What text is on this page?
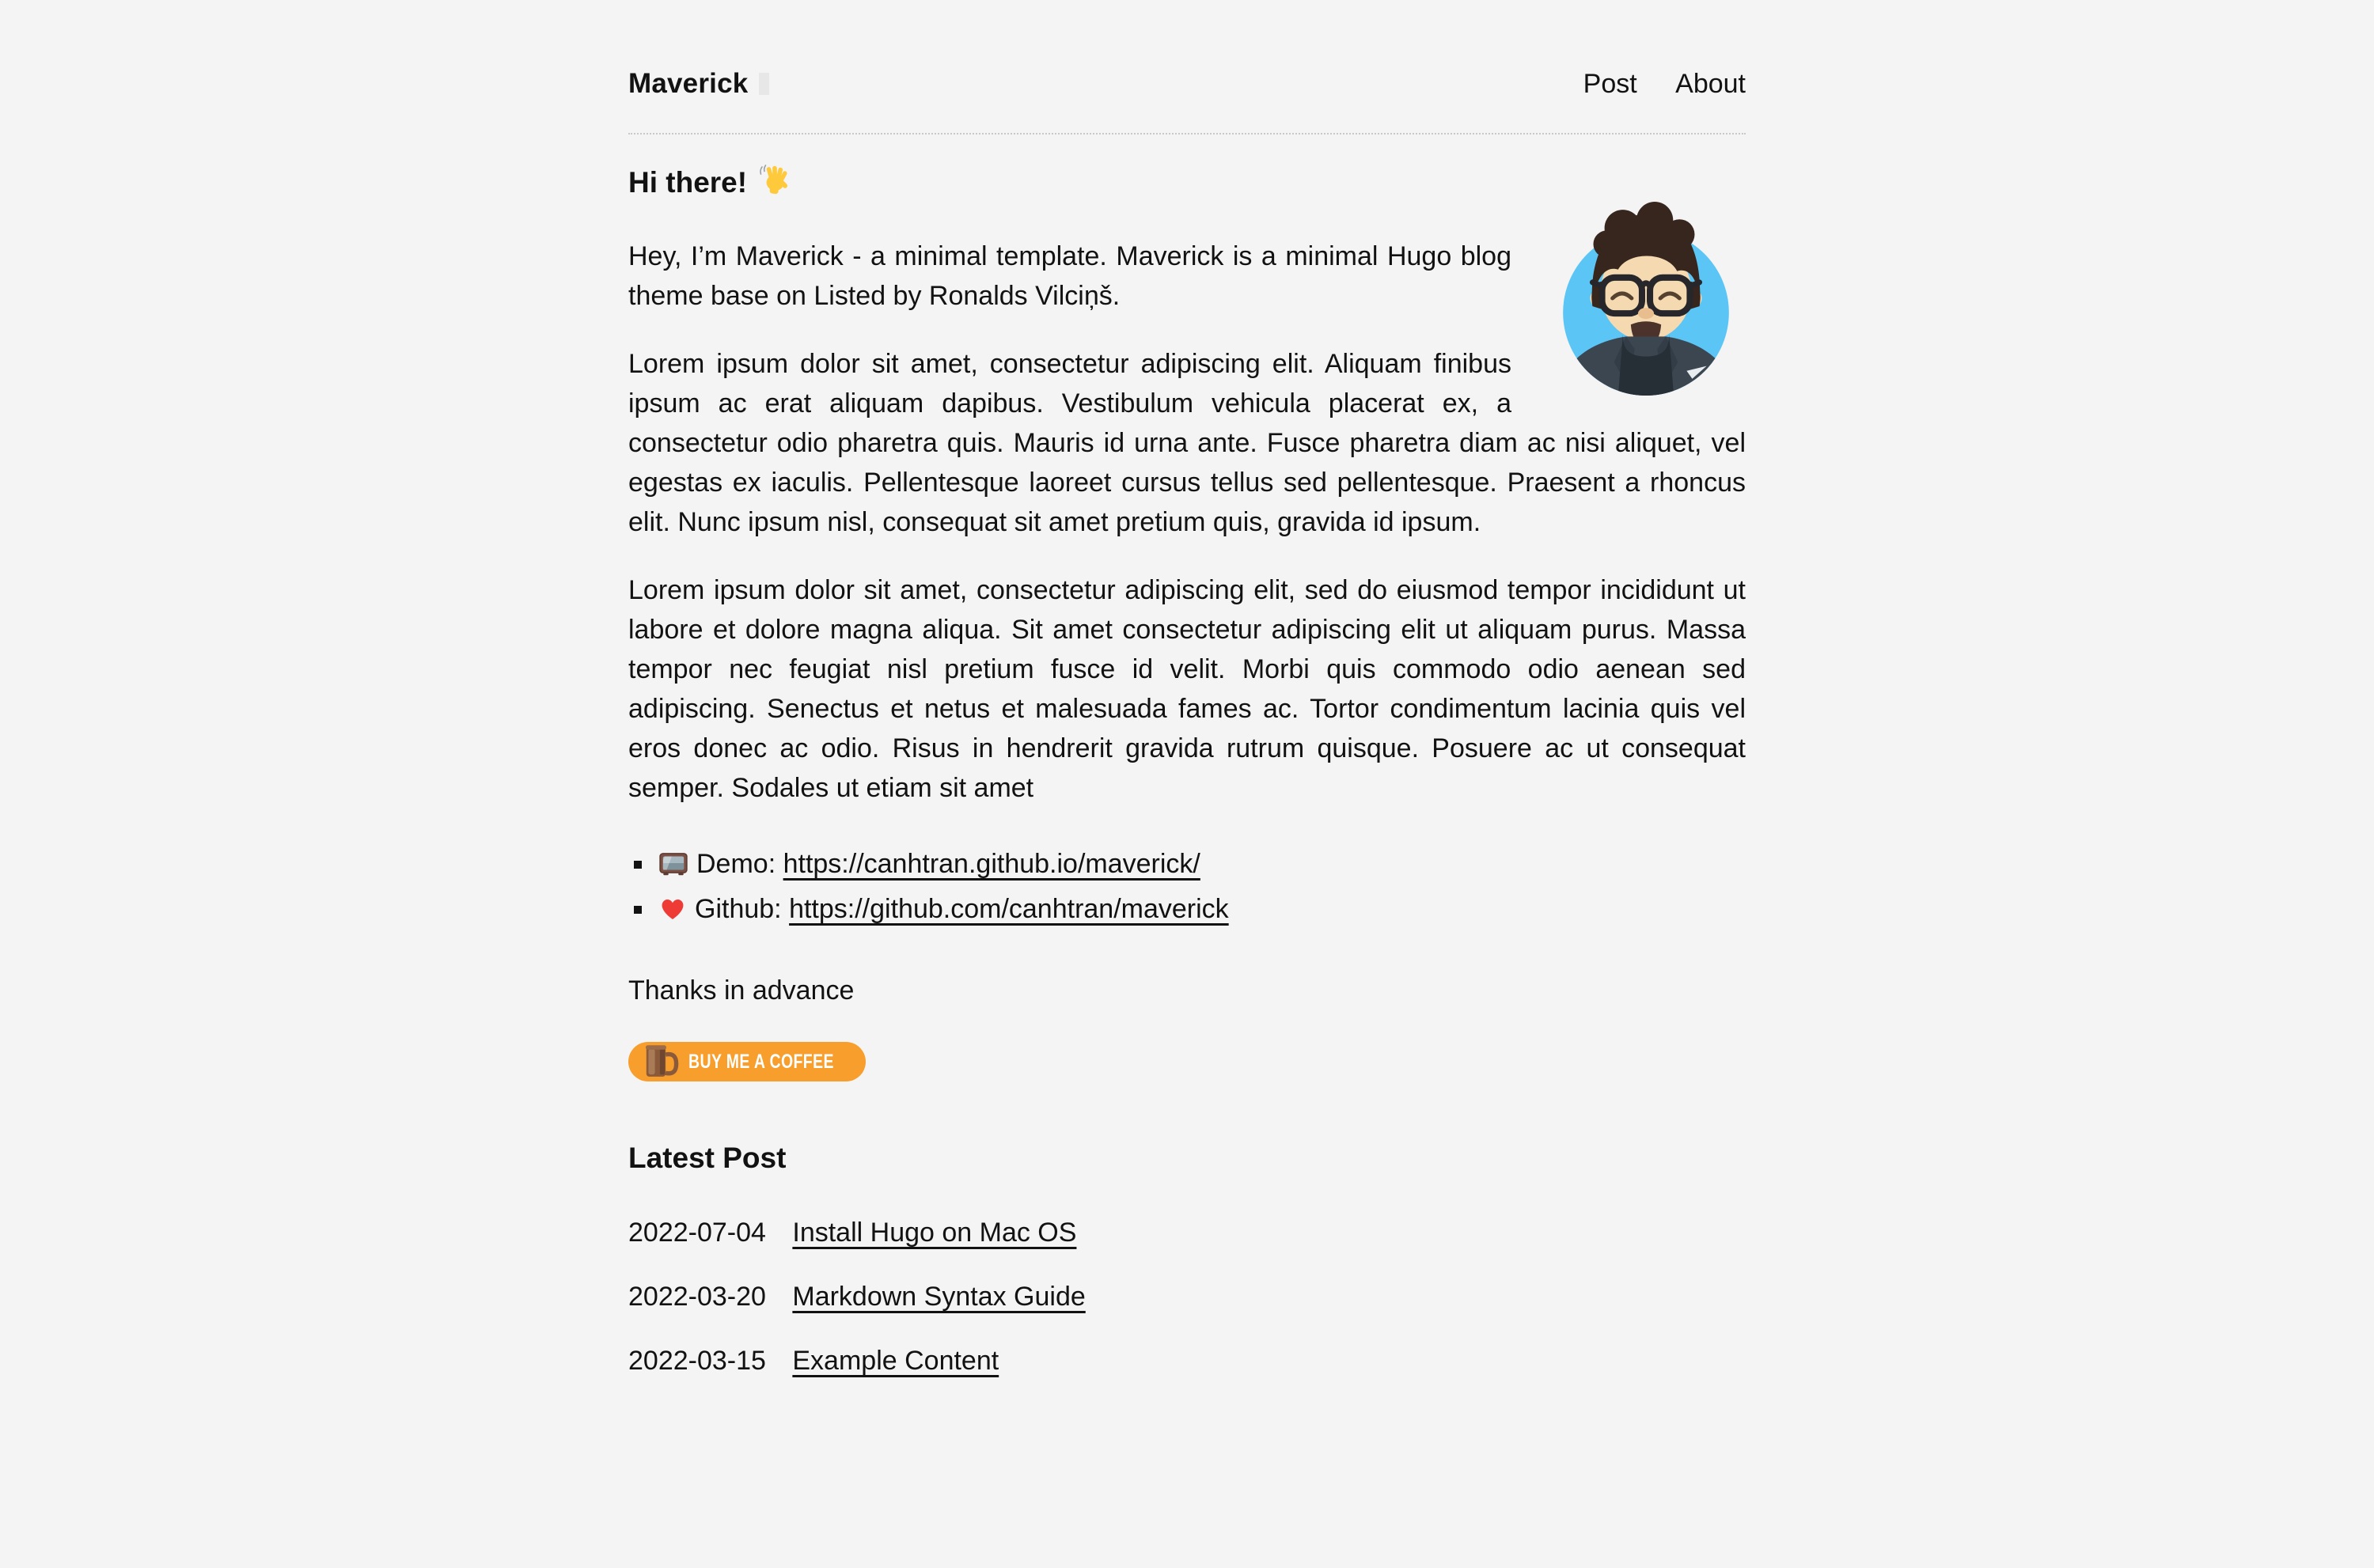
Maverick	Post About
Hi there!

Hey, I’m Maverick - a minimal template. Maverick is a minimal Hugo blog theme base on Listed by Ronalds Vilciņš.

Lorem ipsum dolor sit amet, consectetur adipiscing elit. Aliquam finibus ipsum ac erat aliquam dapibus. Vestibulum vehicula placerat ex, a consectetur odio pharetra quis. Mauris id urna ante. Fusce pharetra diam ac nisi aliquet, vel egestas ex iaculis. Pellentesque laoreet cursus tellus sed pellentesque. Praesent a rhoncus elit. Nunc ipsum nisl, consequat sit amet pretium quis, gravida id ipsum.

Lorem ipsum dolor sit amet, consectetur adipiscing elit, sed do eiusmod tempor incididunt ut labore et dolore magna aliqua. Sit amet consectetur adipiscing elit ut aliquam purus. Massa tempor nec feugiat nisl pretium fusce id velit. Morbi quis commodo odio aenean sed adipiscing. Senectus et netus et malesuada fames ac. Tortor condimentum lacinia quis vel eros donec ac odio. Risus in hendrerit gravida rutrum quisque. Posuere ac ut consequat semper. Sodales ut etiam sit amet

▪ Demo: https://canhtran.github.io/maverick/
▪ Github: https://github.com/canhtran/maverick

Thanks in advance

BUY ME A COFFEE
Latest Post
2022-07-04 Install Hugo on Mac OS
2022-03-20 Markdown Syntax Guide
2022-03-15 Example Content
